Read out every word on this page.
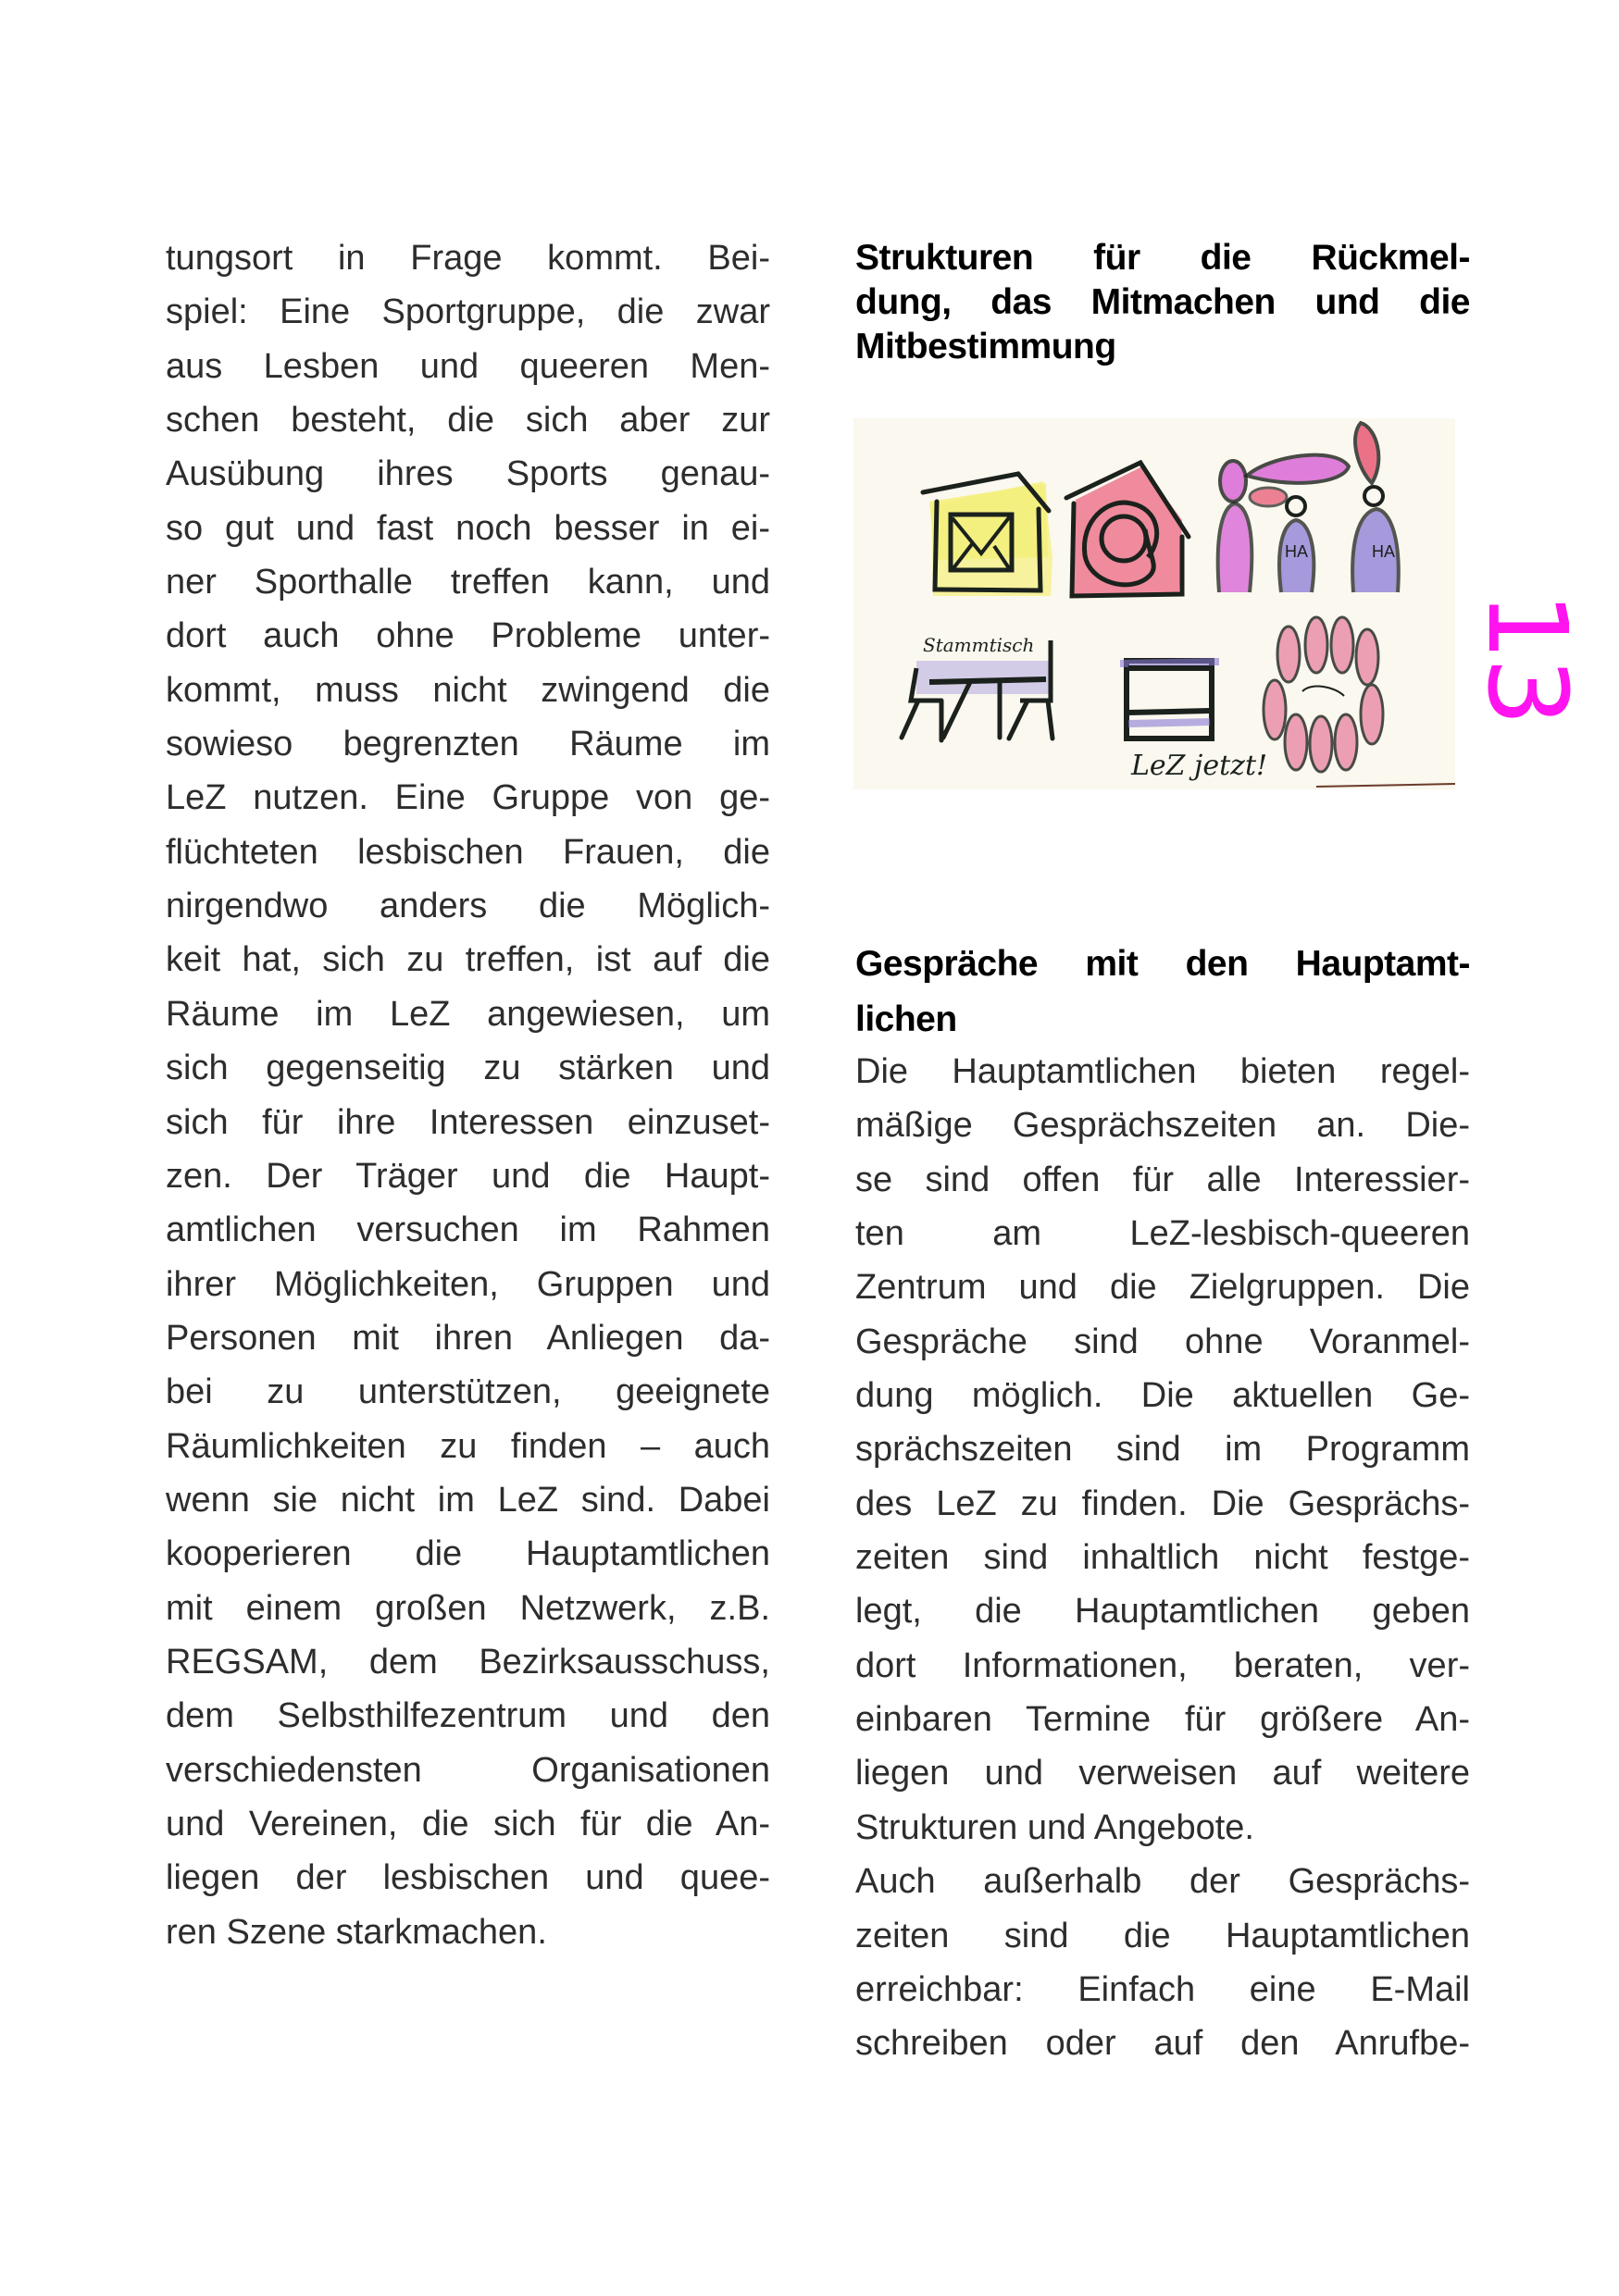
tungsort in Frage kommt. Bei-
spiel: Eine Sportgruppe, die zwar
aus Lesben und queeren Men-
schen besteht, die sich aber zur
Ausübung ihres Sports genau-
so gut und fast noch besser in ei-
ner Sporthalle treffen kann, und
dort auch ohne Probleme unter-
kommt, muss nicht zwingend die
sowieso begrenzten Räume im
LeZ nutzen. Eine Gruppe von ge-
flüchteten lesbischen Frauen, die
nirgendwo anders die Möglich-
keit hat, sich zu treffen, ist auf die
Räume im LeZ angewiesen, um
sich gegenseitig zu stärken und
sich für ihre Interessen einzuset-
zen. Der Träger und die Haupt-
amtlichen versuchen im Rahmen
ihrer Möglichkeiten, Gruppen und
Personen mit ihren Anliegen da-
bei zu unterstützen, geeignete
Räumlichkeiten zu finden – auch
wenn sie nicht im LeZ sind. Dabei
kooperieren die Hauptamtlichen
mit einem großen Netzwerk, z.B.
REGSAM, dem Bezirksausschuss,
dem Selbsthilfezentrum und den
verschiedensten Organisationen
und Vereinen, die sich für die An-
liegen der lesbischen und quee-
ren Szene starkmachen.
Strukturen für die Rückmel-
dung, das Mitmachen und die
Mitbestimmung
HA	HA
Stammtisch
LeZ jetzt!
13
Gespräche mit den Hauptamt-
lichen
Die Hauptamtlichen bieten regel-
mäßige Gesprächszeiten an. Die-
se sind offen für alle Interessier-
ten am LeZ-lesbisch-queeren
Zentrum und die Zielgruppen. Die
Gespräche sind ohne Voranmel-
dung möglich. Die aktuellen Ge-
sprächszeiten sind im Programm
des LeZ zu finden. Die Gesprächs-
zeiten sind inhaltlich nicht festge-
legt, die Hauptamtlichen geben
dort Informationen, beraten, ver-
einbaren Termine für größere An-
liegen und verweisen auf weitere
Strukturen und Angebote.
Auch außerhalb der Gesprächs-
zeiten sind die Hauptamtlichen
erreichbar: Einfach eine E-Mail
schreiben oder auf den Anrufbe-
